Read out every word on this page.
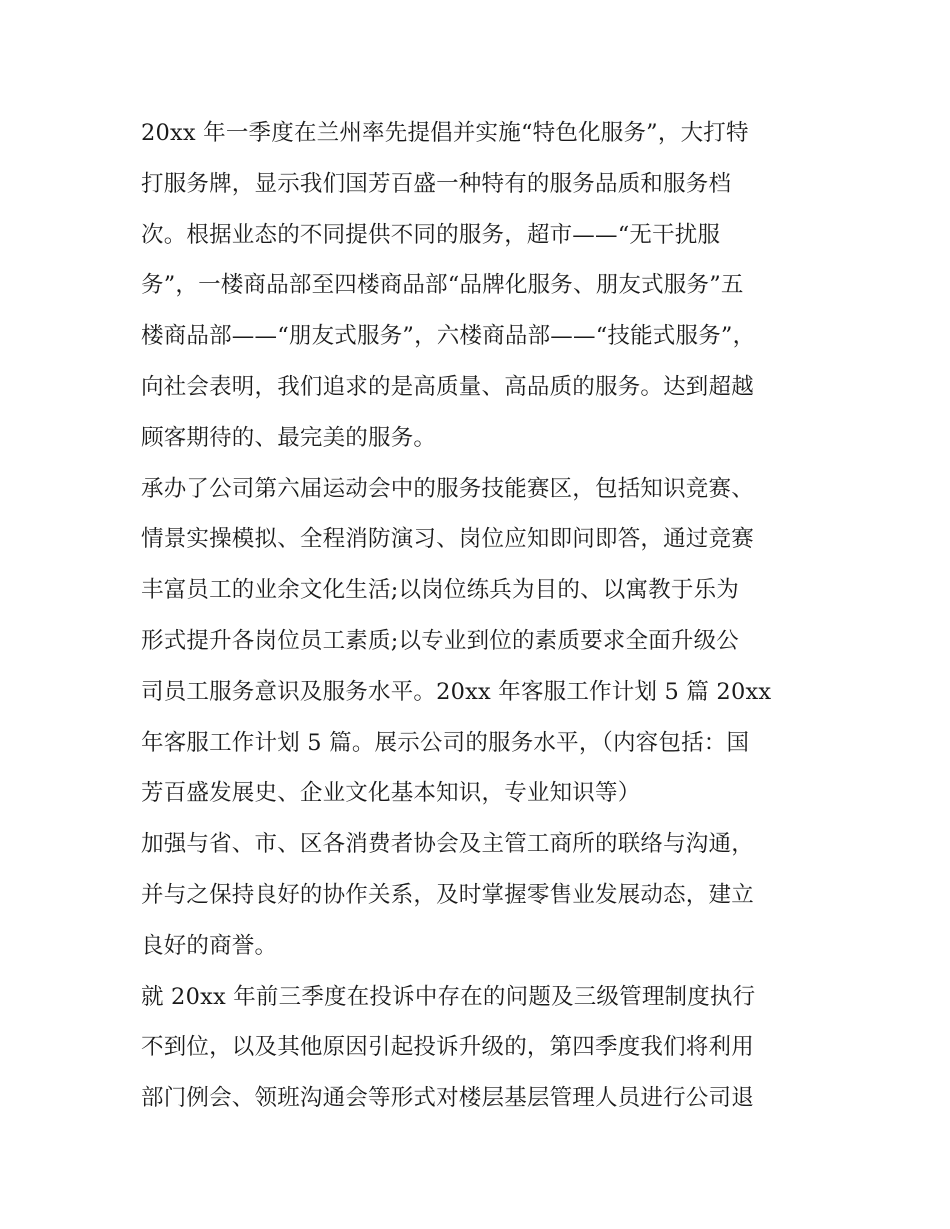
20xx 年一季度在兰州率先提倡并实施“特色化服务”，大打特
打服务牌，显示我们国芳百盛一种特有的服务品质和服务档
次。根据业态的不同提供不同的服务，超市——“无干扰服
务”，一楼商品部至四楼商品部“品牌化服务、朋友式服务”五
楼商品部——“朋友式服务”，六楼商品部——“技能式服务”，
向社会表明，我们追求的是高质量、高品质的服务。达到超越
顾客期待的、最完美的服务。
承办了公司第六届运动会中的服务技能赛区，包括知识竞赛、
情景实操模拟、全程消防演习、岗位应知即问即答，通过竞赛
丰富员工的业余文化生活;以岗位练兵为目的、以寓教于乐为
形式提升各岗位员工素质;以专业到位的素质要求全面升级公
司员工服务意识及服务水平。20xx 年客服工作计划 5 篇 20xx
年客服工作计划 5 篇。展示公司的服务水平，（内容包括：国
芳百盛发展史、企业文化基本知识，专业知识等）
加强与省、市、区各消费者协会及主管工商所的联络与沟通，
并与之保持良好的协作关系，及时掌握零售业发展动态，建立
良好的商誉。
就 20xx 年前三季度在投诉中存在的问题及三级管理制度执行
不到位，以及其他原因引起投诉升级的，第四季度我们将利用
部门例会、领班沟通会等形式对楼层基层管理人员进行公司退
